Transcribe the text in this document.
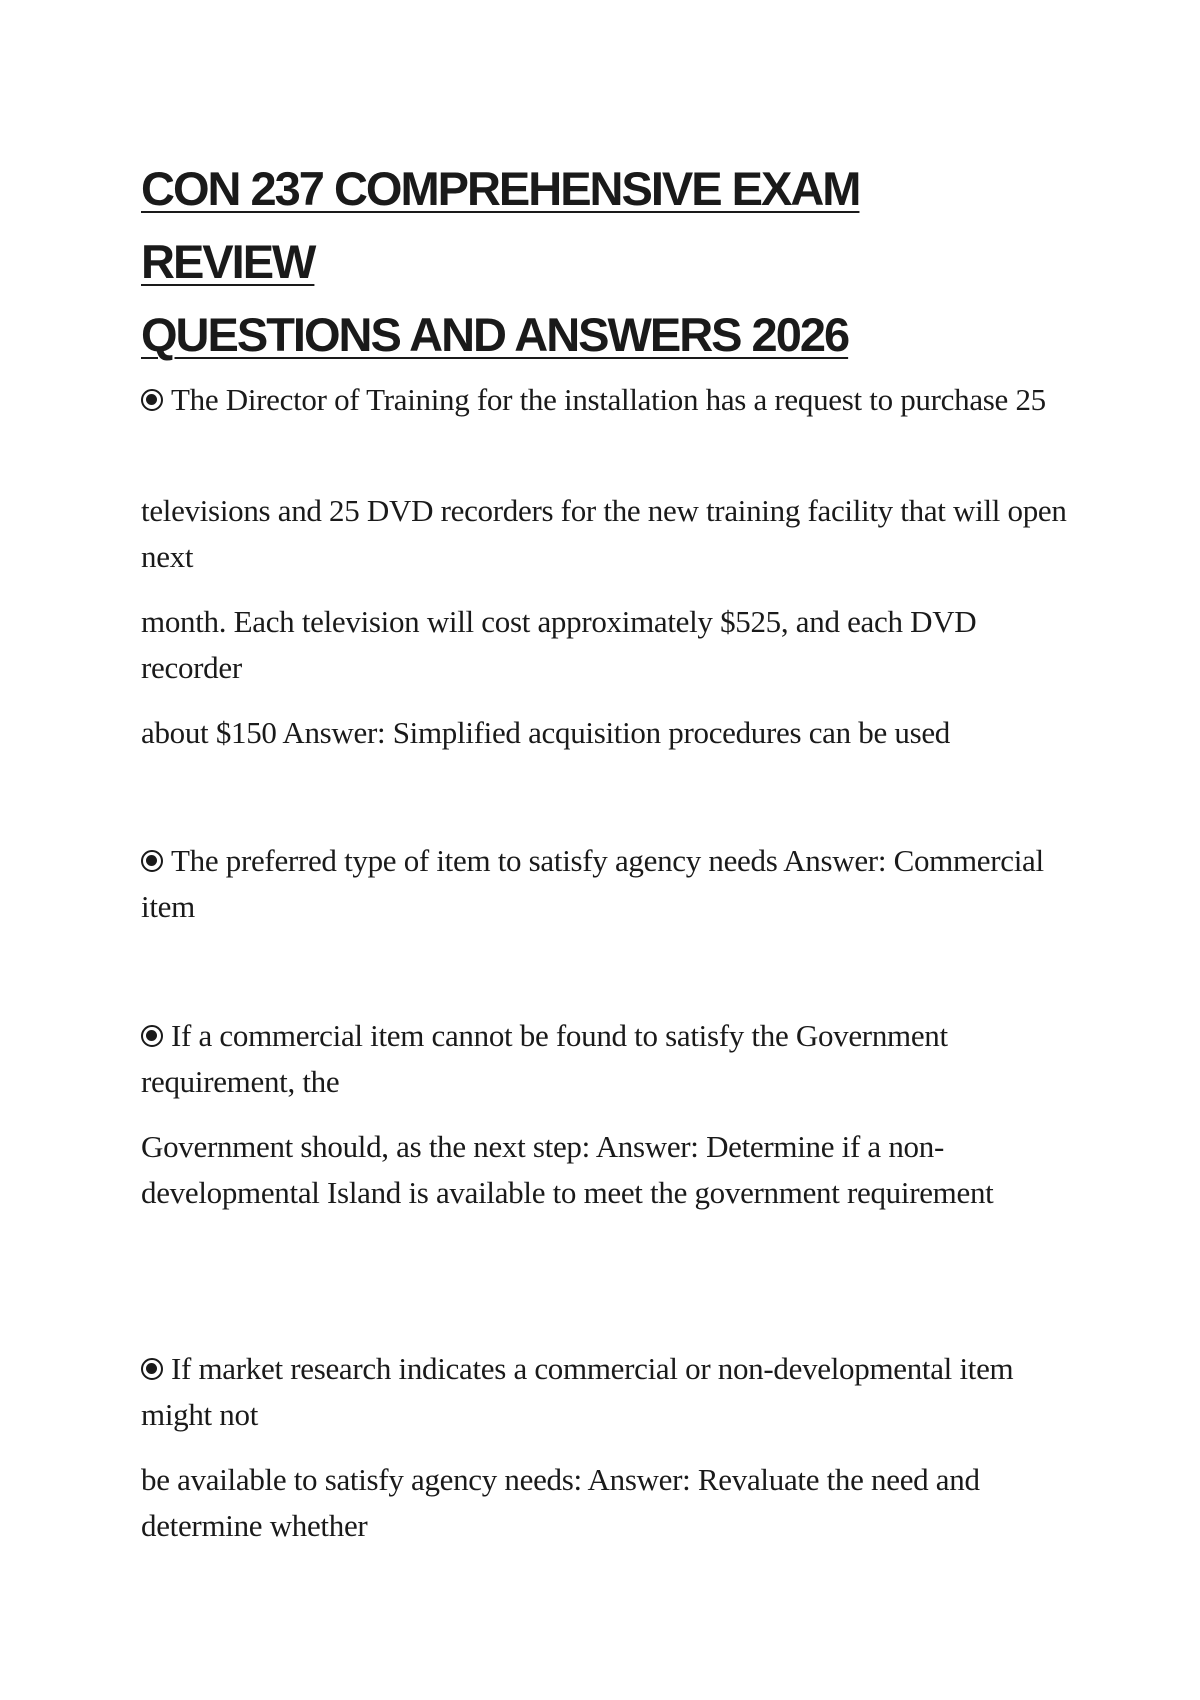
CON 237 COMPREHENSIVE EXAM REVIEW
QUESTIONS AND ANSWERS 2026

The Director of Training for the installation has a request to purchase 25

televisions and 25 DVD recorders for the new training facility that will open next

month. Each television will cost approximately $525, and each DVD recorder

about $150 Answer: Simplified acquisition procedures can be used

The preferred type of item to satisfy agency needs Answer: Commercial item

If a commercial item cannot be found to satisfy the Government requirement, the

Government should, as the next step: Answer: Determine if a non-developmental Island is available to meet the government requirement

If market research indicates a commercial or non-developmental item might not

be available to satisfy agency needs: Answer: Revaluate the need and determine whether
